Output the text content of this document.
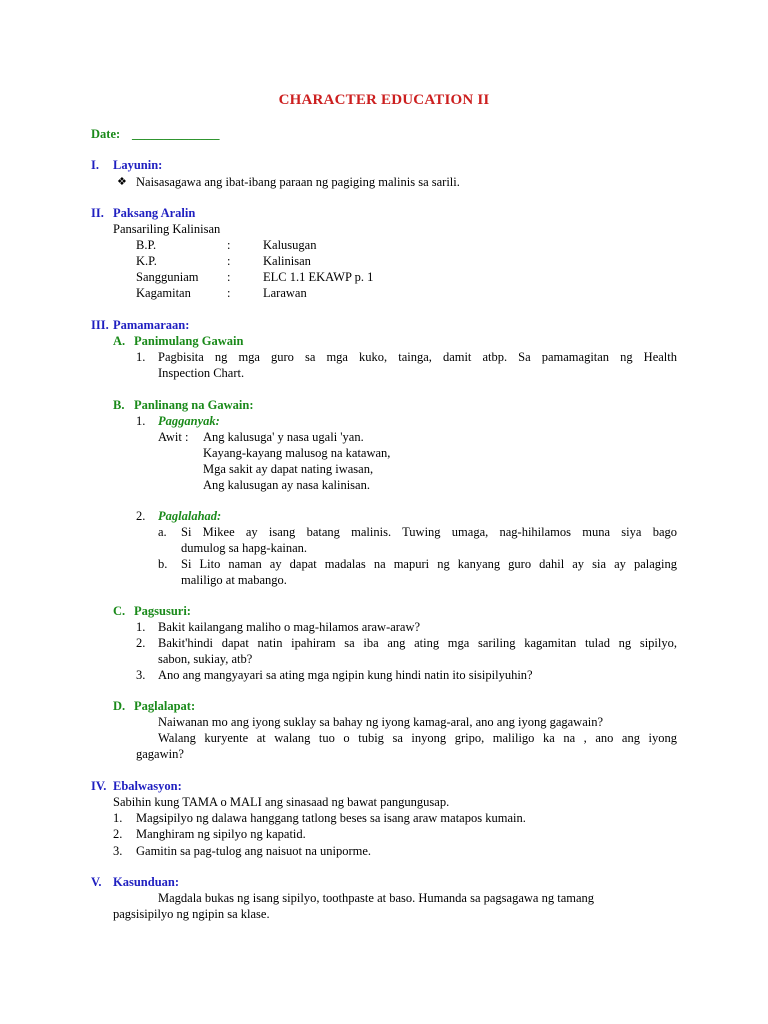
CHARACTER EDUCATION II
Date: ______________
I. Layunin:
❖ Naisasagawa ang ibat-ibang paraan ng pagiging malinis sa sarili.
II. Paksang Aralin
Pansariling Kalinisan
B.P.	:	Kalusugan
K.P.	:	Kalinisan
Sangguniam :	ELC 1.1 EKAWP p. 1
Kagamitan	:	Larawan
III. Pamamaraan:
A. Panimulang Gawain
1. Pagbisita ng mga guro sa mga kuko, tainga, damit atbp. Sa pamamagitan ng Health
Inspection Chart.
B. Panlinang na Gawain:
1. Pagganyak:
Awit : Ang kalusuga' y nasa ugali 'yan.
Kayang-kayang malusog na katawan,
Mga sakit ay dapat nating iwasan,
Ang kalusugan ay nasa kalinisan.
2. Paglalahad:
a. Si Mikee ay isang batang malinis. Tuwing umaga, nag-hihilamos muna siya bago
dumulog sa hapg-kainan.
b. Si Lito naman ay dapat madalas na mapuri ng kanyang guro dahil ay sia ay palaging
maliligo at mabango.
C. Pagsusuri:
1. Bakit kailangang maliho o mag-hilamos araw-araw?
2. Bakit'hindi dapat natin ipahiram sa iba ang ating mga sariling kagamitan tulad ng sipilyo,
sabon, sukiay, atb?
3. Ano ang mangyayari sa ating mga ngipin kung hindi natin ito sisipilyuhin?
D. Paglalapat:
Naiwanan mo ang iyong suklay sa bahay ng iyong kamag-aral, ano ang iyong gagawain?
Walang kuryente at walang tuo o tubig sa inyong gripo, maliligo ka na , ano ang iyong
gagawin?
IV. Ebalwasyon:
Sabihin kung TAMA o MALI ang sinasaad ng bawat pangungusap.
1. Magsipilyo ng dalawa hanggang tatlong beses sa isang araw matapos kumain.
2. Manghiram ng sipilyo ng kapatid.
3. Gamitin sa pag-tulog ang naisuot na uniporme.
V. Kasunduan:
Magdala bukas ng isang sipilyo, toothpaste at baso. Humanda sa pagsagawa ng tamang
pagsisipilyo ng ngipin sa klase.
